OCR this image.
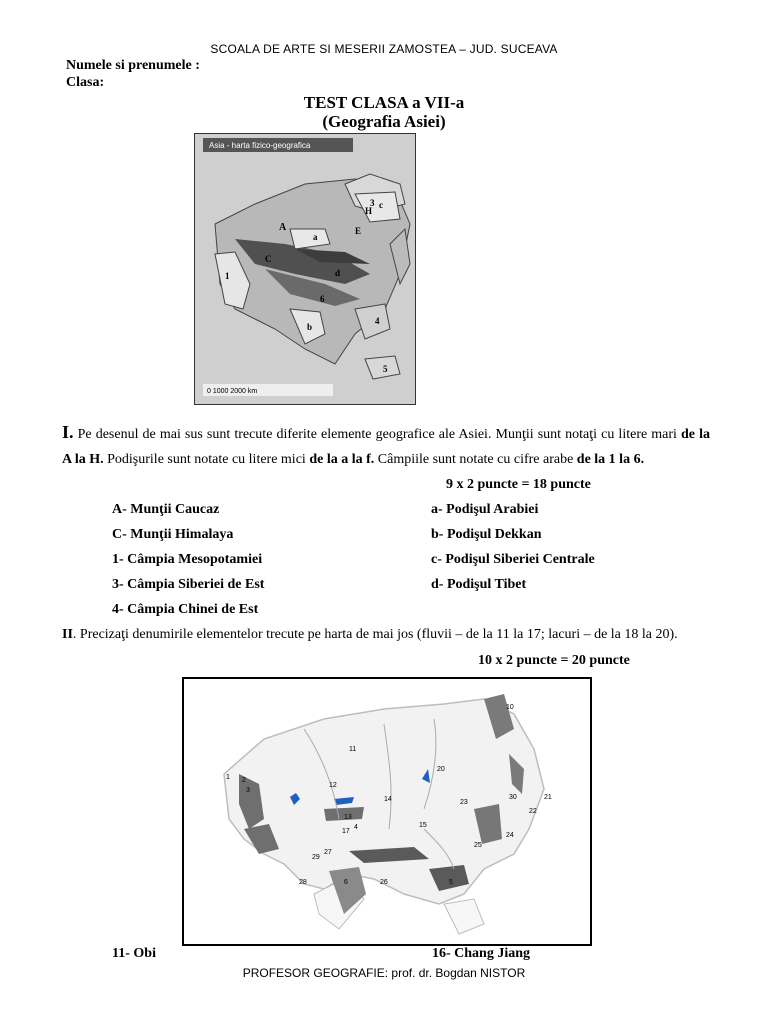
SCOALA DE ARTE SI MESERII ZAMOSTEA – JUD. SUCEAVA
Numele si prenumele :
Clasa:
TEST CLASA a VII-a
(Geografia Asiei)
Asia - harta fizico-geografica
A
C
H
E
a
b
c
d
1
3
4
5
6
0 1000 2000 km
I. Pe desenul de mai sus sunt trecute diferite elemente geografice ale Asiei. Munţii sunt notaţi cu litere mari de la A la H. Podişurile sunt notate cu litere mici de la a la f. Câmpiile sunt notate cu cifre arabe de la 1 la 6.
9 x 2 puncte = 18 puncte
A- Munţii Caucaz
C- Munţii Himalaya
1- Câmpia Mesopotamiei
3- Câmpia Siberiei de Est
4- Câmpia Chinei de Est
a- Podişul Arabiei
b- Podişul Dekkan
c- Podişul Siberiei Centrale
d- Podişul Tibet
II. Precizaţi denumirile elementelor trecute pe harta de mai jos (fluvii – de la 11 la 17; lacuri – de la 18 la 20).
10 x 2 puncte = 20 puncte
1 2
3
4
5
6
10
11
12
13
14
15
17
20
21
22
23
24
25
26
27
28
29
30
11- Obi	16- Chang Jiang
PROFESOR GEOGRAFIE: prof. dr. Bogdan NISTOR
